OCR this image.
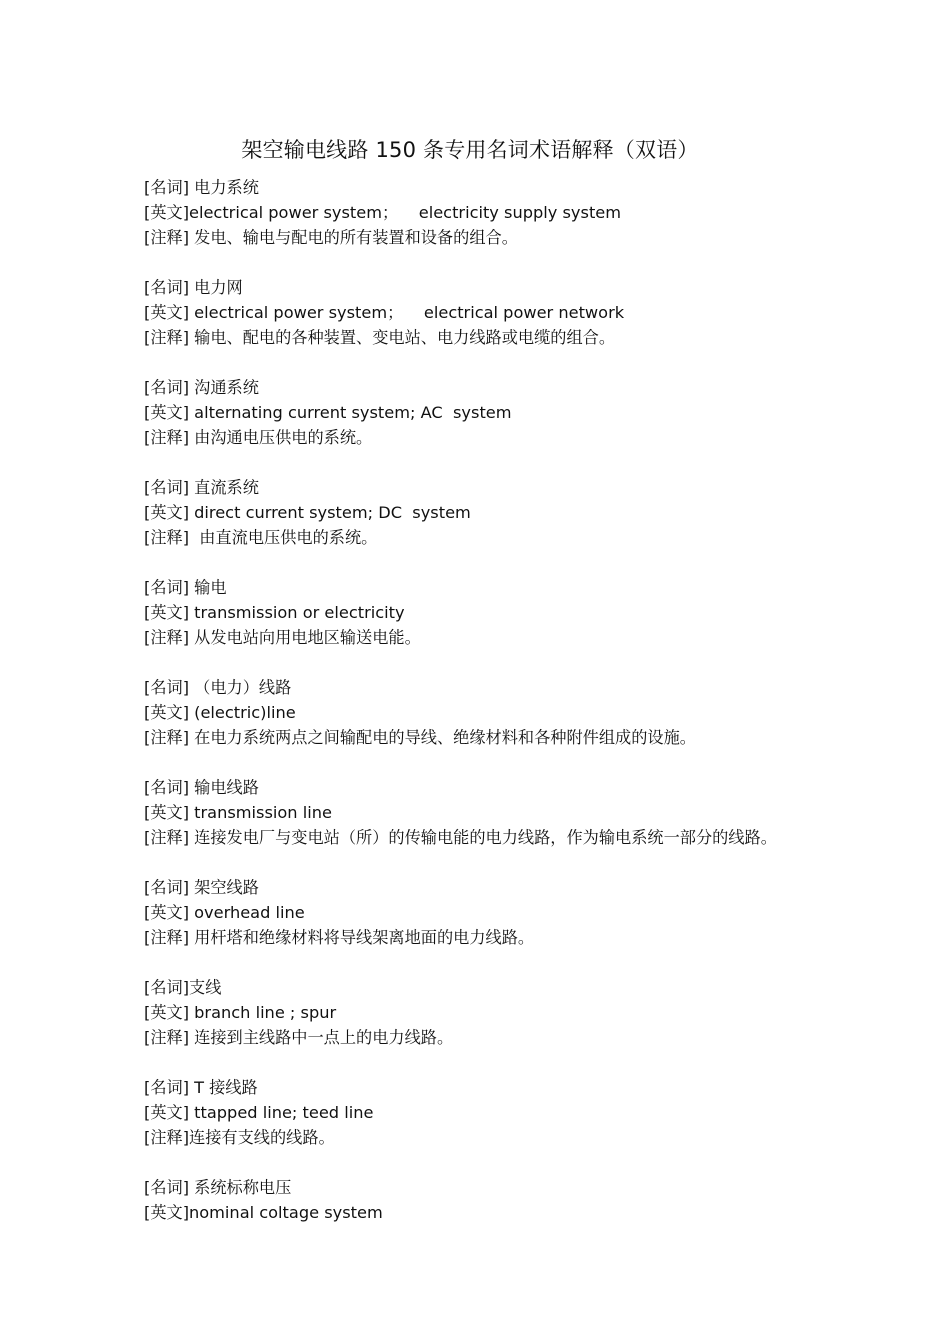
架空输电线路 150 条专用名词术语解释（双语）
[名词] 电力系统
[英文]electrical power system；    electricity supply system
[注释] 发电、输电与配电的所有装置和设备的组合。
[名词] 电力网
[英文] electrical power system；    electrical power network
[注释] 输电、配电的各种装置、变电站、电力线路或电缆的组合。
[名词] 沟通系统
[英文] alternating current system; AC  system
[注释] 由沟通电压供电的系统。
[名词] 直流系统
[英文] direct current system; DC  system
[注释]  由直流电压供电的系统。
[名词] 输电
[英文] transmission or electricity
[注释] 从发电站向用电地区输送电能。
[名词] （电力）线路
[英文] (electric)line
[注释] 在电力系统两点之间输配电的导线、绝缘材料和各种附件组成的设施。
[名词] 输电线路
[英文] transmission line
[注释] 连接发电厂与变电站（所）的传输电能的电力线路，作为输电系统一部分的线路。
[名词] 架空线路
[英文] overhead line
[注释] 用杆塔和绝缘材料将导线架离地面的电力线路。
[名词]支线
[英文] branch line ; spur
[注释] 连接到主线路中一点上的电力线路。
[名词] T 接线路
[英文] ttapped line; teed line
[注释]连接有支线的线路。
[名词] 系统标称电压
[英文]nominal coltage system
